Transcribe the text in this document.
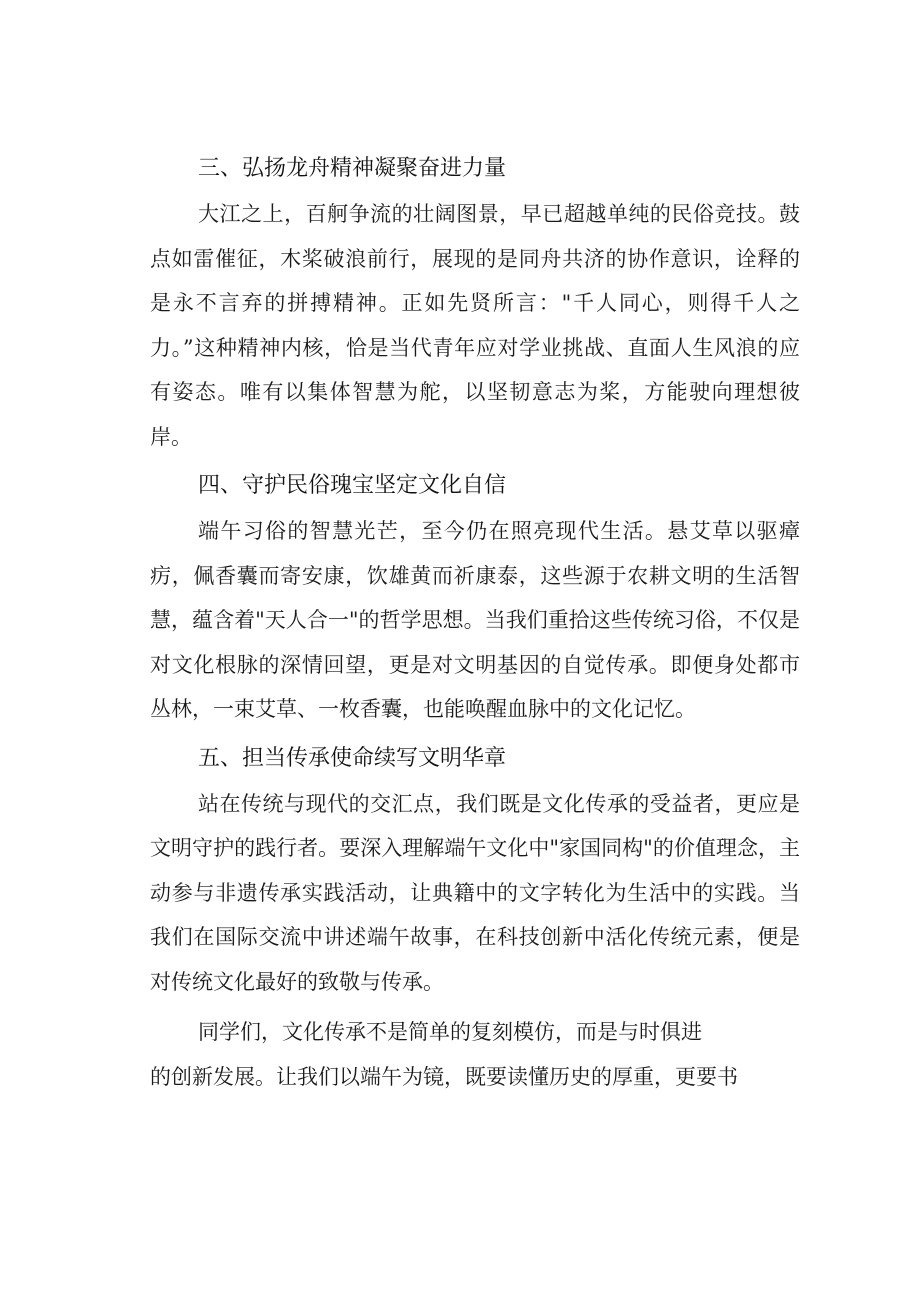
三、弘扬龙舟精神凝聚奋进力量

大江之上，百舸争流的壮阔图景，早已超越单纯的民俗竞技。鼓点如雷催征，木桨破浪前行，展现的是同舟共济的协作意识，诠释的是永不言弃的拼搏精神。正如先贤所言："千人同心，则得千人之力。”这种精神内核，恰是当代青年应对学业挑战、直面人生风浪的应有姿态。唯有以集体智慧为舵，以坚韧意志为桨，方能驶向理想彼岸。

四、守护民俗瑰宝坚定文化自信

端午习俗的智慧光芒，至今仍在照亮现代生活。悬艾草以驱瘴疠，佩香囊而寄安康，饮雄黄而祈康泰，这些源于农耕文明的生活智慧，蕴含着"天人合一"的哲学思想。当我们重拾这些传统习俗，不仅是对文化根脉的深情回望，更是对文明基因的自觉传承。即便身处都市丛林，一束艾草、一枚香囊，也能唤醒血脉中的文化记忆。

五、担当传承使命续写文明华章

站在传统与现代的交汇点，我们既是文化传承的受益者，更应是文明守护的践行者。要深入理解端午文化中"家国同构"的价值理念，主动参与非遗传承实践活动，让典籍中的文字转化为生活中的实践。当我们在国际交流中讲述端午故事，在科技创新中活化传统元素，便是对传统文化最好的致敬与传承。

同学们，文化传承不是简单的复刻模仿，而是与时俱进

的创新发展。让我们以端午为镜，既要读懂历史的厚重，更要书
